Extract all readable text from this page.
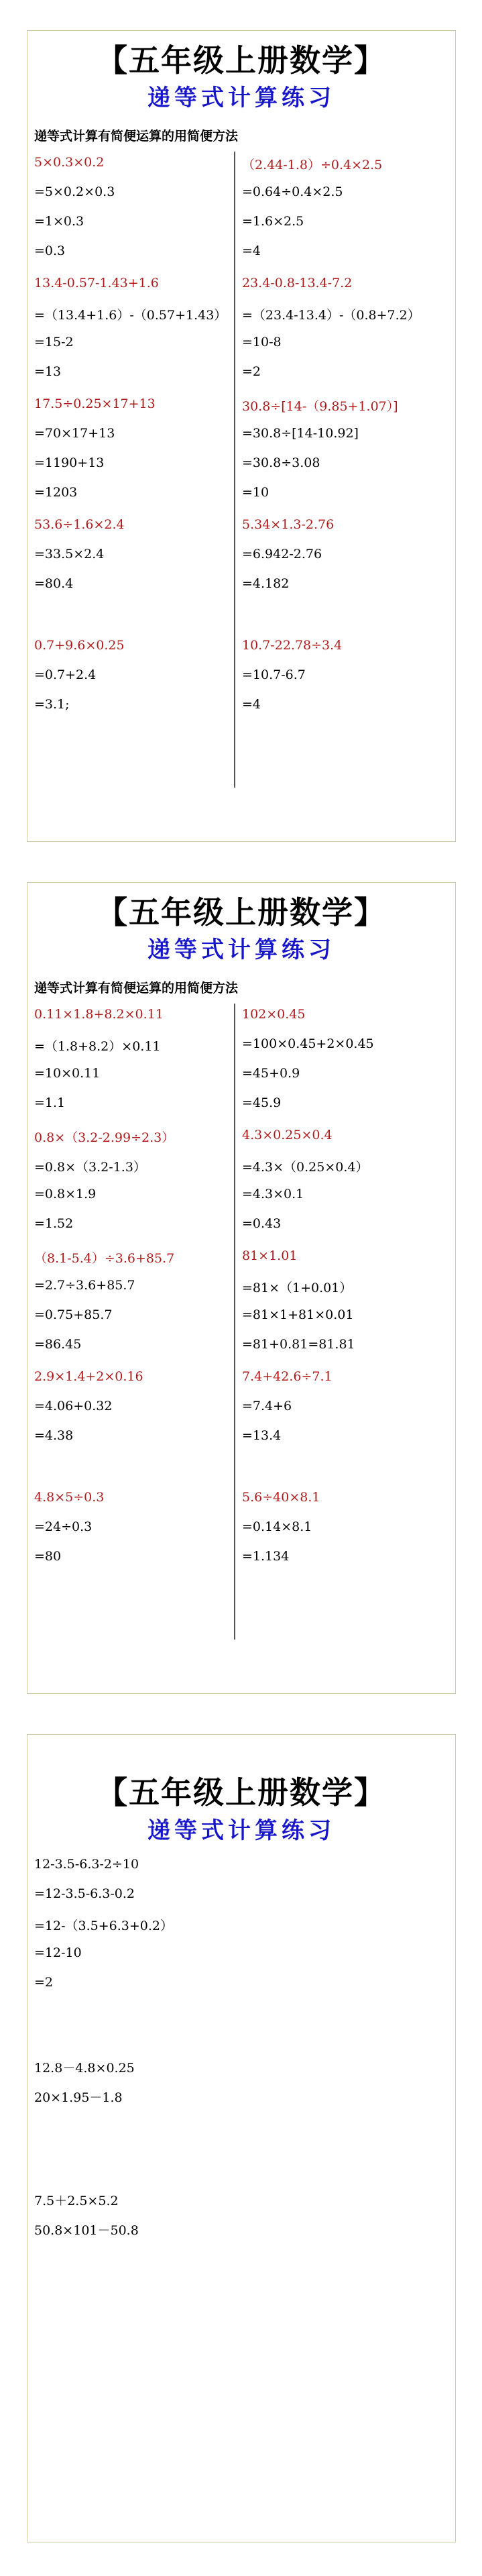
【五年级上册数学】
递等式计算练习
递等式计算有简便运算的用简便方法
5×0.3×0.2
=5×0.2×0.3
=1×0.3
=0.3
13.4-0.57-1.43+1.6
=（13.4+1.6）-（0.57+1.43）
=15-2
=13
17.5÷0.25×17+13
=70×17+13
=1190+13
=1203
53.6÷1.6×2.4
=33.5×2.4
=80.4
0.7+9.6×0.25
=0.7+2.4
=3.1;
（2.44-1.8）÷0.4×2.5
=0.64÷0.4×2.5
=1.6×2.5
=4
23.4-0.8-13.4-7.2
=（23.4-13.4）-（0.8+7.2）
=10-8
=2
30.8÷[14-（9.85+1.07）]
=30.8÷[14-10.92]
=30.8÷3.08
=10
5.34×1.3-2.76
=6.942-2.76
=4.182
10.7-22.78÷3.4
=10.7-6.7
=4
【五年级上册数学】
递等式计算练习
递等式计算有简便运算的用简便方法
0.11×1.8+8.2×0.11
=（1.8+8.2）×0.11
=10×0.11
=1.1
0.8×（3.2-2.99÷2.3）
=0.8×（3.2-1.3）
=0.8×1.9
=1.52
（8.1-5.4）÷3.6+85.7
=2.7÷3.6+85.7
=0.75+85.7
=86.45
2.9×1.4+2×0.16
=4.06+0.32
=4.38
4.8×5÷0.3
=24÷0.3
=80
102×0.45
=100×0.45+2×0.45
=45+0.9
=45.9
4.3×0.25×0.4
=4.3×（0.25×0.4）
=4.3×0.1
=0.43
81×1.01
=81×（1+0.01）
=81×1+81×0.01
=81+0.81=81.81
7.4+42.6÷7.1
=7.4+6
=13.4
5.6÷40×8.1
=0.14×8.1
=1.134
【五年级上册数学】
递等式计算练习
12-3.5-6.3-2÷10
=12-3.5-6.3-0.2
=12-（3.5+6.3+0.2）
=12-10
=2
12.8－4.8×0.25
20×1.95－1.8
7.5＋2.5×5.2
50.8×101－50.8
